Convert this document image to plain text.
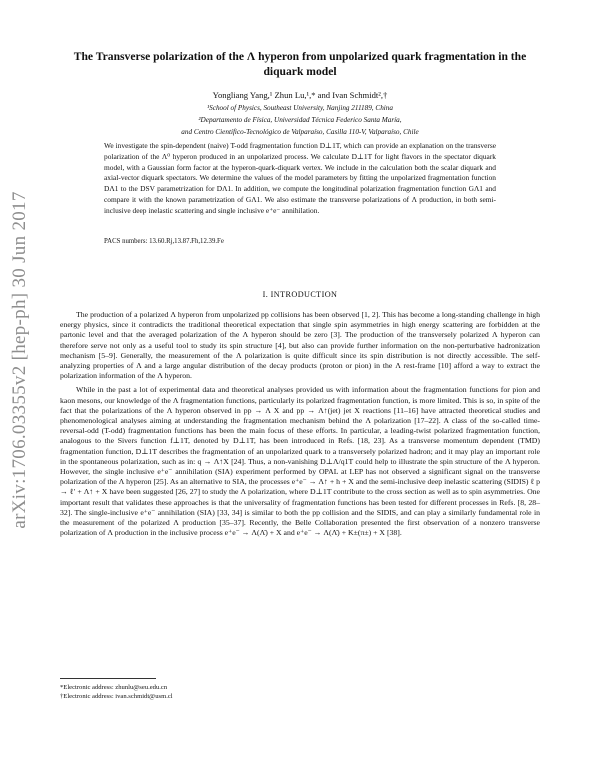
arXiv:1706.03355v2 [hep-ph] 30 Jun 2017
The Transverse polarization of the Λ hyperon from unpolarized quark fragmentation in the diquark model
Yongliang Yang,¹ Zhun Lu,¹,* and Ivan Schmidt²,†
¹School of Physics, Southeast University, Nanjing 211189, China
²Departamento de Física, Universidad Técnica Federico Santa María,
and Centro Científico-Tecnológico de Valparaíso, Casilla 110-V, Valparaíso, Chile
We investigate the spin-dependent (naive) T-odd fragmentation function D⊥1T, which can provide an explanation on the transverse polarization of the Λ⁰ hyperon produced in an unpolarized process. We calculate D⊥1T for light flavors in the spectator diquark model, with a Gaussian form factor at the hyperon-quark-diquark vertex. We include in the calculation both the scalar diquark and axial-vector diquark spectators. We determine the values of the model parameters by fitting the unpolarized fragmentation function DΛ1 to the DSV parametrization for DΛ1. In addition, we compute the longitudinal polarization fragmentation function GΛ1 and compare it with the known parametrization of GΛ1. We also estimate the transverse polarizations of Λ production, in both semi-inclusive deep inelastic scattering and single inclusive e⁺e⁻ annihilation.
PACS numbers: 13.60.Rj,13.87.Fh,12.39.Fe
I. INTRODUCTION

The production of a polarized Λ hyperon from unpolarized pp collisions has been observed [1, 2]. This has become a long-standing challenge in high energy physics, since it contradicts the traditional theoretical expectation that single spin asymmetries in high energy scattering are forbidden at the partonic level and that the averaged polarization of the Λ hyperon should be zero [3]. The production of the transversely polarized Λ hyperon can therefore serve not only as a useful tool to study its spin structure [4], but also can provide further information on the non-perturbative hadronization mechanism [5–9]. Generally, the measurement of the Λ polarization is quite difficult since its spin distribution is not directly accessible. The self-analyzing properties of Λ and a large angular distribution of the decay products (proton or pion) in the Λ rest-frame [10] afford a way to extract the polarization information of the Λ hyperon.

While in the past a lot of experimental data and theoretical analyses provided us with information about the fragmentation functions for pion and kaon mesons, our knowledge of the Λ fragmentation functions, particularly its polarized fragmentation function, is more limited. This is so, in spite of the fact that the polarizations of the Λ hyperon observed in pp → Λ X and pp → Λ↑(jet) jet X reactions [11–16] have attracted theoretical studies and phenomenological analyses aiming at understanding the fragmentation mechanism behind the Λ polarization [17–22]. A class of the so-called time-reversal-odd (T-odd) fragmentation functions has been the main focus of these efforts. In particular, a leading-twist polarized fragmentation function, analogous to the Sivers function f⊥1T, denoted by D⊥1T, has been introduced in Refs. [18, 23]. As a transverse momentum dependent (TMD) fragmentation function, D⊥1T describes the fragmentation of an unpolarized quark to a transversely polarized hadron; and it may play an important role in the spontaneous polarization, such as in: q → Λ↑X [24]. Thus, a non-vanishing D⊥Λ/q1T could help to illustrate the spin structure of the Λ hyperon. However, the single inclusive e⁺e⁻ annihilation (SIA) experiment performed by OPAL at LEP has not observed a significant signal on the transverse polarization of the Λ hyperon [25]. As an alternative to SIA, the processes e⁺e⁻ → Λ↑ + h + X and the semi-inclusive deep inelastic scattering (SIDIS) ℓ p → ℓ′ + Λ↑ + X have been suggested [26, 27] to study the Λ polarization, where D⊥1T contribute to the cross section as well as to spin asymmetries. One important result that validates these approaches is that the universality of fragmentation functions has been tested for different processes in Refs. [8, 28–32]. The single-inclusive e⁺e⁻ annihilation (SIA) [33, 34] is similar to both the pp collision and the SIDIS, and can play a similarly fundamental role in the measurement of the polarized Λ production [35–37]. Recently, the Belle Collaboration presented the first observation of a nonzero transverse polarization of Λ production in the inclusive process e⁺e⁻ → Λ(Λ̄) + X and e⁺e⁻ → Λ(Λ̄) + K±(π±) + X [38].

*Electronic address: zhunlu@seu.edu.cn
†Electronic address: ivan.schmidt@usm.cl
